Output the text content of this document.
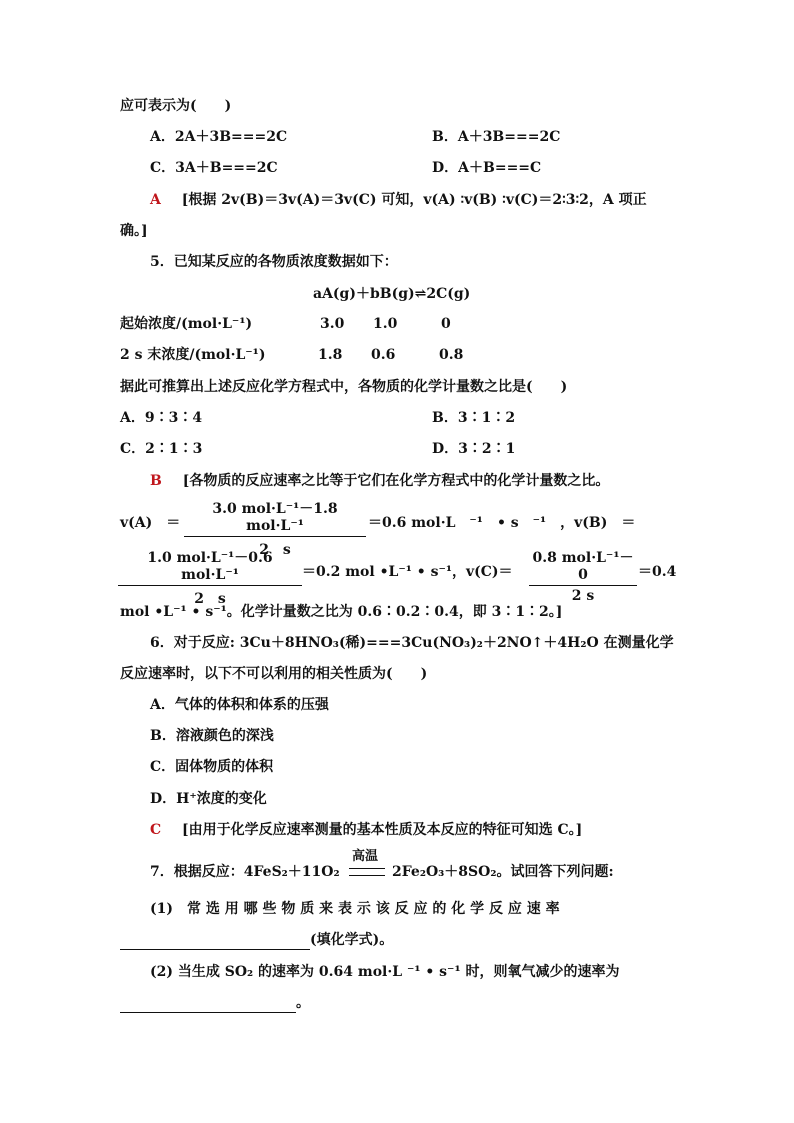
应可表示为(　　)
A．2A＋3B===2C	B．A＋3B===2C
C．3A＋B===2C	D．A＋B===C
A [根据 2v(B)＝3v(A)＝3v(C) 可知，v(A) ∶v(B) ∶v(C)＝2∶3∶2，A 项正
确。]
5．已知某反应的各物质浓度数据如下：
aA(g)＋bB(g)⇌2C(g)
起始浓度/(mol·L⁻¹)	3.0 1.0	0
2 s 末浓度/(mol·L⁻¹)	1.8 0.6	0.8
据此可推算出上述反应化学方程式中，各物质的化学计量数之比是(　　)
A．9∶3∶4	B．3∶1∶2
C．2∶1∶3	D．3∶2∶1
B [各物质的反应速率之比等于它们在化学方程式中的化学计量数之比。
v(A)　＝
3.0 mol·L⁻¹－1.8 mol·L⁻¹
2　s
＝0.6 mol·L　⁻¹　• s　⁻¹　，v(B)　＝
1.0 mol·L⁻¹－0.6 mol·L⁻¹
2　s
＝0.2 mol •L⁻¹ • s⁻¹，v(C)＝
0.8 mol·L⁻¹－0
2 s
＝0.4
mol •L⁻¹ • s⁻¹。化学计量数之比为 0.6∶0.2∶0.4，即 3∶1∶2。]
6．对于反应: 3Cu＋8HNO₃(稀)===3Cu(NO₃)₂＋2NO↑＋4H₂O 在测量化学
反应速率时，以下不可以利用的相关性质为(　　)
A．气体的体积和体系的压强
B．溶液颜色的深浅
C．固体物质的体积
D．H⁺浓度的变化
C [由用于化学反应速率测量的基本性质及本反应的特征可知选 C。]
高温
7．根据反应：4FeS₂＋11O₂	2Fe₂O₃＋8SO₂。试回答下列问题:
(1)　常 选 用 哪 些 物 质 来 表 示 该 反 应 的 化 学 反 应 速 率
(填化学式)。
(2) 当生成 SO₂ 的速率为 0.64 mol·L ⁻¹ • s⁻¹ 时，则氧气减少的速率为
。
